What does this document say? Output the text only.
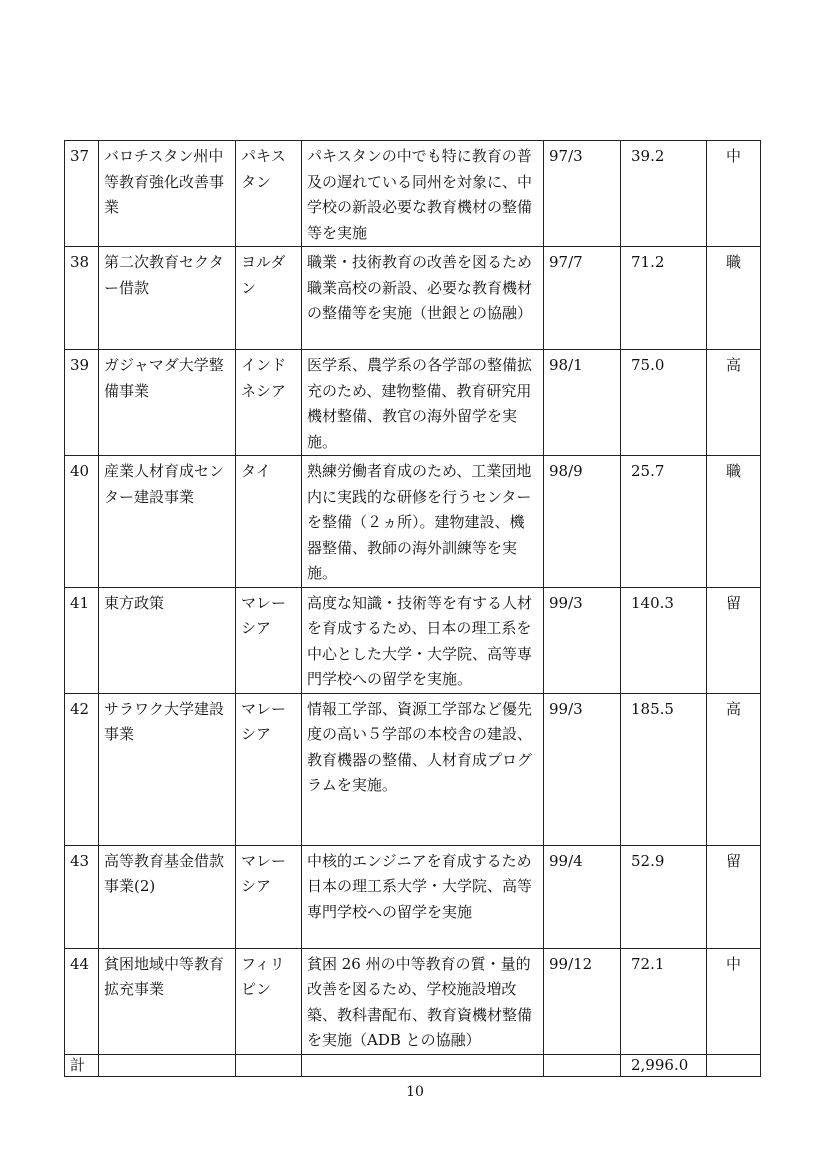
37	バロチスタン州中等教育強化改善事業	パキスタン	パキスタンの中でも特に教育の普及の遅れている同州を対象に、中学校の新設必要な教育機材の整備等を実施	97/3	39.2	中
38	第二次教育セクター借款	ヨルダン	職業・技術教育の改善を図るため職業高校の新設、必要な教育機材の整備等を実施（世銀との協融）	97/7	71.2	職
39	ガジャマダ大学整備事業	インドネシア	医学系、農学系の各学部の整備拡充のため、建物整備、教育研究用機材整備、教官の海外留学を実施。	98/1	75.0	高
40	産業人材育成センター建設事業	タイ	熟練労働者育成のため、工業団地内に実践的な研修を行うセンターを整備（２ヵ所）。建物建設、機器整備、教師の海外訓練等を実施。	98/9	25.7	職
41	東方政策	マレーシア	高度な知識・技術等を有する人材を育成するため、日本の理工系を中心とした大学・大学院、高等専門学校への留学を実施。	99/3	140.3	留
42	サラワク大学建設事業	マレーシア	情報工学部、資源工学部など優先度の高い５学部の本校舎の建設、教育機器の整備、人材育成プログラムを実施。	99/3	185.5	高
43	高等教育基金借款事業(2)	マレーシア	中核的エンジニアを育成するため日本の理工系大学・大学院、高等専門学校への留学を実施	99/4	52.9	留
44	貧困地域中等教育拡充事業	フィリピン	貧困 26 州の中等教育の質・量的改善を図るため、学校施設増改築、教科書配布、教育資機材整備を実施（ADB との協融）	99/12	72.1	中
計					2,996.0	
10
